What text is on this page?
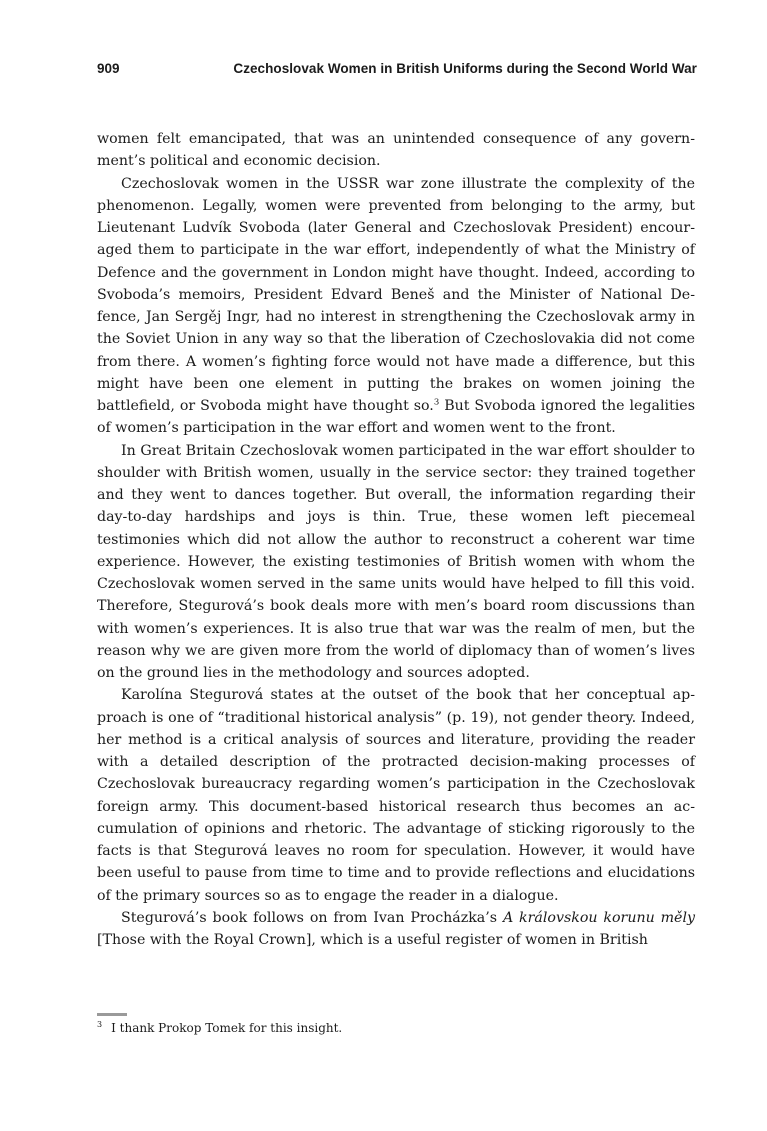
909	Czechoslovak Women in British Uniforms during the Second World War

women felt emancipated, that was an unintended consequence of any government’s political and economic decision.

Czechoslovak women in the USSR war zone illustrate the complexity of the phenomenon. Legally, women were prevented from belonging to the army, but Lieutenant Ludvík Svoboda (later General and Czechoslovak President) encouraged them to participate in the war effort, independently of what the Ministry of Defence and the government in London might have thought. Indeed, according to Svoboda’s memoirs, President Edvard Beneš and the Minister of National Defence, Jan Sergěj Ingr, had no interest in strengthening the Czechoslovak army in the Soviet Union in any way so that the liberation of Czechoslovakia did not come from there. A women’s fighting force would not have made a difference, but this might have been one element in putting the brakes on women joining the battlefield, or Svoboda might have thought so.$^3$ But Svoboda ignored the legalities of women’s participation in the war effort and women went to the front.

In Great Britain Czechoslovak women participated in the war effort shoulder to shoulder with British women, usually in the service sector: they trained together and they went to dances together. But overall, the information regarding their day-to-day hardships and joys is thin. True, these women left piecemeal testimonies which did not allow the author to reconstruct a coherent war time experience. However, the existing testimonies of British women with whom the Czechoslovak women served in the same units would have helped to fill this void. Therefore, Stegurová’s book deals more with men’s board room discussions than with women’s experiences. It is also true that war was the realm of men, but the reason why we are given more from the world of diplomacy than of women’s lives on the ground lies in the methodology and sources adopted.

Karolína Stegurová states at the outset of the book that her conceptual approach is one of “traditional historical analysis” (p. 19), not gender theory. Indeed, her method is a critical analysis of sources and literature, providing the reader with a detailed description of the protracted decision-making processes of Czechoslovak bureaucracy regarding women’s participation in the Czechoslovak foreign army. This document-based historical research thus becomes an accumulation of opinions and rhetoric. The advantage of sticking rigorously to the facts is that Stegurová leaves no room for speculation. However, it would have been useful to pause from time to time and to provide reflections and elucidations of the primary sources so as to engage the reader in a dialogue.

Stegurová’s book follows on from Ivan Procházka’s A královskou korunu měly [Those with the Royal Crown], which is a useful register of women in British

$^3$ I thank Prokop Tomek for this insight.
